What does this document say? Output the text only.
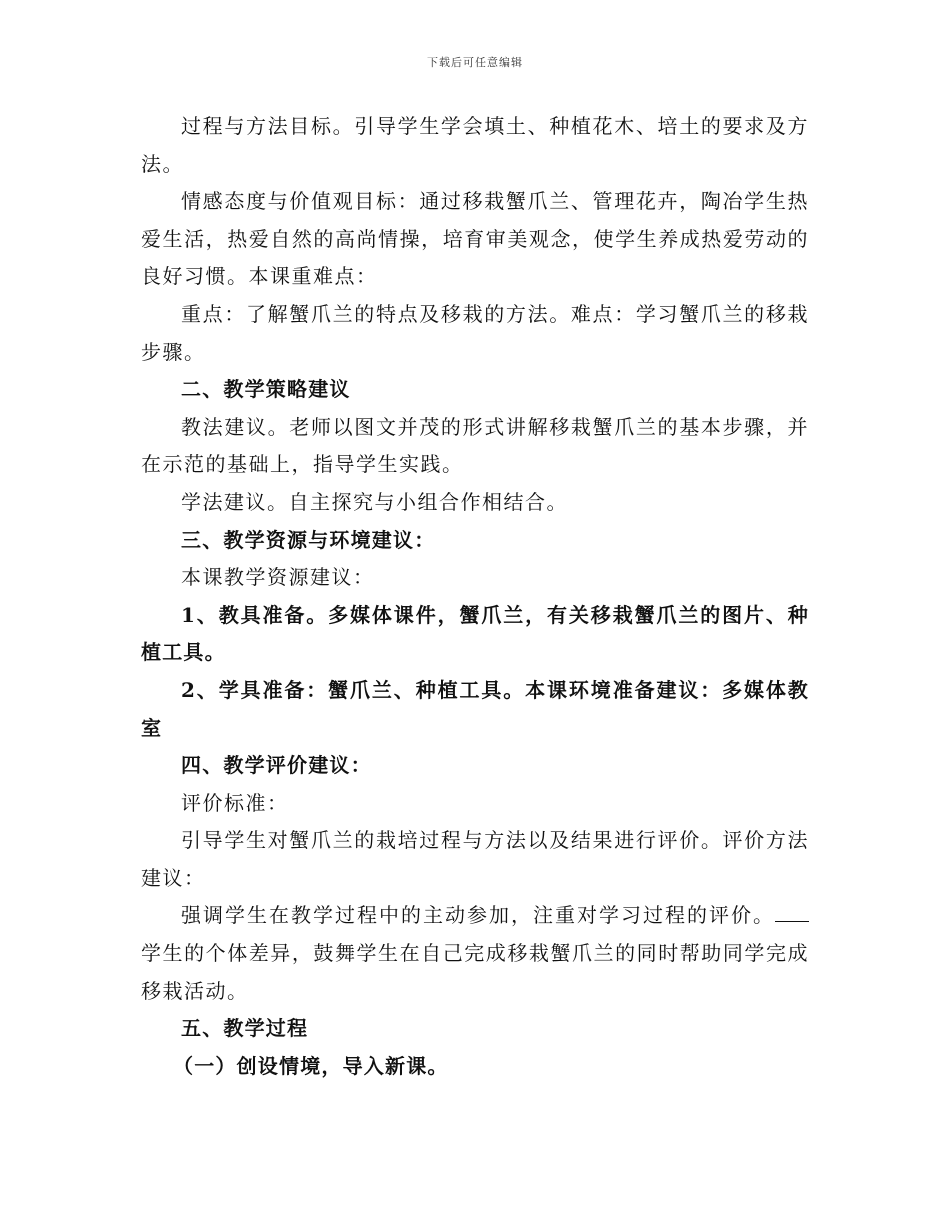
下载后可任意编辑

过程与方法目标。引导学生学会填土、种植花木、培土的要求及方法。

情感态度与价值观目标：通过移栽蟹爪兰、管理花卉，陶冶学生热爱生活，热爱自然的高尚情操，培育审美观念，使学生养成热爱劳动的良好习惯。本课重难点：

重点：了解蟹爪兰的特点及移栽的方法。难点：学习蟹爪兰的移栽步骤。

二、教学策略建议

教法建议。老师以图文并茂的形式讲解移栽蟹爪兰的基本步骤，并在示范的基础上，指导学生实践。

学法建议。自主探究与小组合作相结合。

三、教学资源与环境建议：

本课教学资源建议：

1、教具准备。多媒体课件，蟹爪兰，有关移栽蟹爪兰的图片、种植工具。

2、学具准备：蟹爪兰、种植工具。本课环境准备建议：多媒体教室

四、教学评价建议：

评价标准：

引导学生对蟹爪兰的栽培过程与方法以及结果进行评价。评价方法建议：

强调学生在教学过程中的主动参加，注重对学习过程的评价。学生的个体差异，鼓舞学生在自己完成移栽蟹爪兰的同时帮助同学完成移栽活动。

五、教学过程

（一）创设情境，导入新课。
